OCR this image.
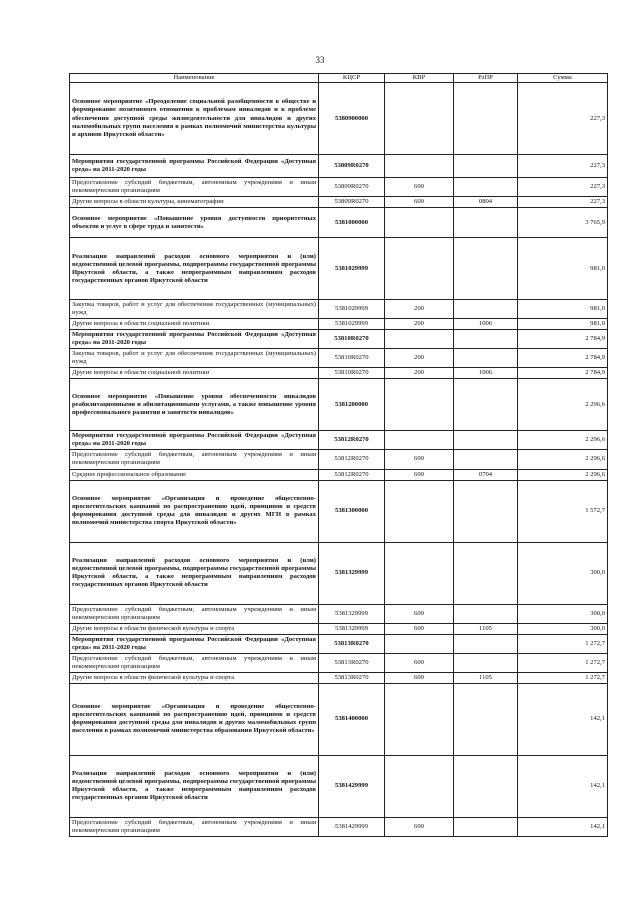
33
Наименование	КЦСР	КВР	РзПР	Сумма
Основное мероприятие «Преодоление социальной разобщенности в обществе и формирование позитивного отношения к проблемам инвалидов и к проблеме обеспечения доступной среды жизнедеятельности для инвалидов и других маломобильных групп населения в рамках полномочий министерства культуры и архивов Иркутской области»	5380900000			227,3
Мероприятия государственной программы Российской Федерации «Доступная среда» на 2011-2020 годы	53809R0270			227,3
Предоставление субсидий бюджетным, автономным учреждениям и иным некоммерческим организациям	53809R0270	600		227,3
Другие вопросы в области культуры, кинематографии	53809R0270	600	0804	227,3
Основное мероприятие «Повышение уровня доступности приоритетных объектов и услуг в сфере труда и занятости»	5381000000			3 765,9
Реализация направлений расходов основного мероприятия и (или) ведомственной целевой программы, подпрограммы государственной программы Иркутской области, а также непрограммным направлениям расходов государственных органов Иркутской области	5381029999			981,0
Закупка товаров, работ и услуг для обеспечения государственных (муниципальных) нужд	5381029999	200		981,0
Другие вопросы в области социальной политики	5381029999	200	1006	981,0
Мероприятия государственной программы Российской Федерации «Доступная среда» на 2011-2020 годы	53810R0270			2 784,9
Закупка товаров, работ и услуг для обеспечения государственных (муниципальных) нужд	53810R0270	200		2 784,9
Другие вопросы в области социальной политики	53810R0270	200	1006	2 784,9
Основное мероприятие «Повышение уровня обеспеченности инвалидов реабилитационными и абилитационными услугами, а также повышение уровня профессионального развития и занятости инвалидов»	5381200000			2 296,6
Мероприятия государственной программы Российской Федерации «Доступная среда» на 2011-2020 годы	53812R0270			2 296,6
Предоставление субсидий бюджетным, автономным учреждениям и иным некоммерческим организациям	53812R0270	600		2 296,6
Среднее профессиональное образование	53812R0270	600	0704	2 296,6
Основное мероприятие «Организация и проведение общественно-просветительских кампаний по распространению идей, принципов и средств формирования доступной среды для инвалидов и других МГН в рамках полномочий министерства спорта Иркутской области»	5381300000			1 572,7
Реализация направлений расходов основного мероприятия и (или) ведомственной целевой программы, подпрограммы государственной программы Иркутской области, а также непрограммным направлениям расходов государственных органов Иркутской области	5381329999			300,0
Предоставление субсидий бюджетным, автономным учреждениям и иным некоммерческим организациям	5381329999	600		300,0
Другие вопросы в области физической культуры и спорта	5381329999	600	1105	300,0
Мероприятия государственной программы Российской Федерации «Доступная среда» на 2011-2020 годы	53813R0270			1 272,7
Предоставление субсидий бюджетным, автономным учреждениям и иным некоммерческим организациям	53813R0270	600		1 272,7
Другие вопросы в области физической культуры и спорта	53813R0270	600	1105	1 272,7
Основное мероприятие «Организация и проведение общественно-просветительских кампаний по распространению идей, принципов и средств формирования доступной среды для инвалидов и других маломобильных групп населения в рамках полномочий министерства образования Иркутской области»	5381400000			142,1
Реализация направлений расходов основного мероприятия и (или) ведомственной целевой программы, подпрограммы государственной программы Иркутской области, а также непрограммным направлениям расходов государственных органов Иркутской области	5381429999			142,1
Предоставление субсидий бюджетным, автономным учреждениям и иным некоммерческим организациям	5381429999	600		142,1
